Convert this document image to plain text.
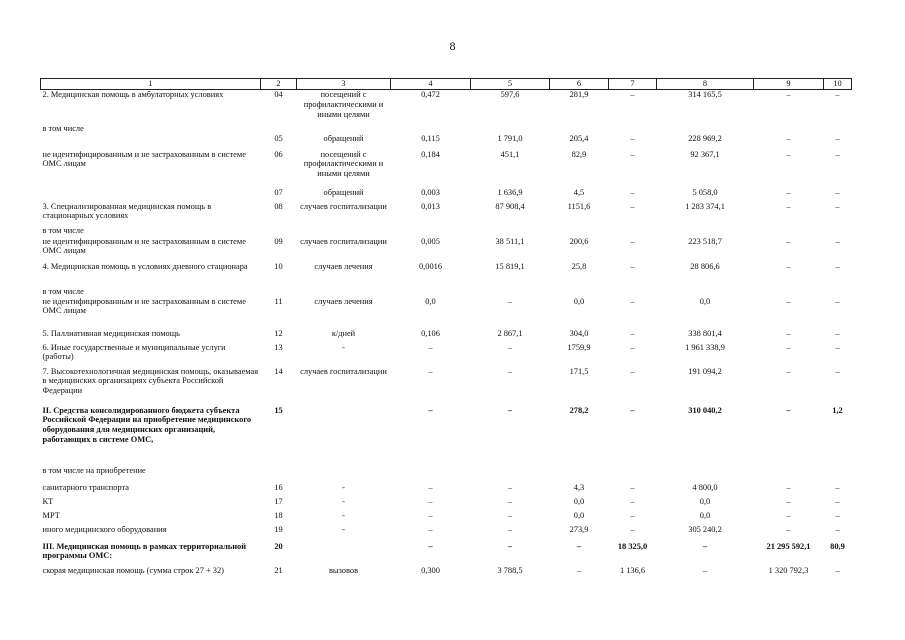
8
1	2	3	4	5	6	7	8	9	10
2. Медицинская помощь в амбулаторных условиях	04	посещений с профилактическими и иными целями	0,472	597,6	281,9	–	314 165,5	–	–
в том числе									
	05	обращений	0,115	1 791,0	205,4	–	228 969,2	–	–
не идентифицированным и не застрахованным в системе ОМС лицам	06	посещений с профилактическими и иными целями	0,184	451,1	82,9	–	92 367,1	–	–
	07	обращений	0,003	1 636,9	4,5	–	5 058,0	–	–
3. Специализированная медицинская помощь в стационарных условиях	08	случаев госпитализации	0,013	87 908,4	1151,6	–	1 283 374,1	–	–
в том числе									
не идентифицированным и не застрахованным в системе ОМС лицам	09	случаев госпитализации	0,005	38 511,1	200,6	–	223 518,7	–	–
4. Медицинская помощь в условиях дневного стационара	10	случаев лечения	0,0016	15 819,1	25,8	–	28 806,6	–	–
в том числе									
не идентифицированным и не застрахованным в системе ОМС лицам	11	случаев лечения	0,0	–	0,0	–	0,0	–	–
5. Паллиативная медицинская помощь	12	к/дней	0,106	2 867,1	304,0	–	338 801,4	–	–
6. Иные государственные и муниципальные услуги (работы)	13	-	–	–	1759,9	–	1 961 338,9	–	–
7. Высокотехнологичная медицинская помощь, оказываемая в медицинских организациях субъекта Российской Федерации	14	случаев госпитализации	–	–	171,5	–	191 094,2	–	–
II. Средства консолидированного бюджета субъекта Российской Федерации на приобретение медицинского оборудования для медицинских организаций, работающих в системе ОМС,	15		–	–	278,2	–	310 040,2	–	1,2
в том числе на приобретение									
санитарного транспорта	16	-	–	–	4,3	–	4 800,0	–	–
КТ	17	-	–	–	0,0	–	0,0	–	–
МРТ	18	-	–	–	0,0	–	0,0	–	–
иного медицинского оборудования	19	-	–	–	273,9	–	305 240,2	–	–
III. Медицинская помощь в рамках территориальной программы ОМС:	20		–	–	–	18 325,0	–	21 295 592,1	80,9
скорая медицинская помощь (сумма строк 27 + 32)	21	вызовов	0,300	3 788,5	–	1 136,6	–	1 320 792,3	–
